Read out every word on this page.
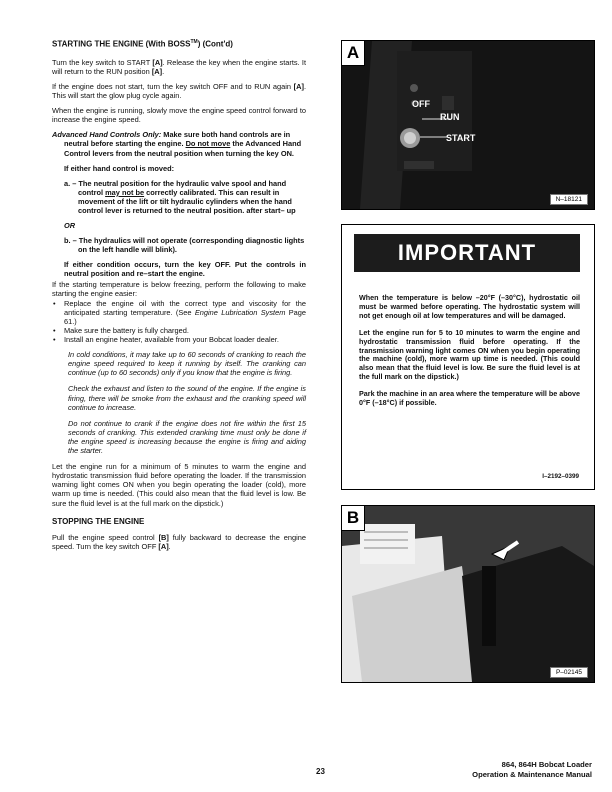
STARTING THE ENGINE (With BOSS™) (Cont'd)

Turn the key switch to START [A]. Release the key when the engine starts. It will return to the RUN position [A].

If the engine does not start, turn the key switch OFF and to RUN again [A]. This will start the glow plug cycle again.

When the engine is running, slowly move the engine speed control forward to increase the engine speed.

Advanced Hand Controls Only: Make sure both hand controls are in neutral before starting the engine. Do not move the Advanced Hand Control levers from the neutral position when turning the key ON.

If either hand control is moved:

a. – The neutral position for the hydraulic valve spool and hand control may not be correctly calibrated. This can result in movement of the lift or tilt hydraulic cylinders when the hand control lever is returned to the neutral position. after start– up

OR

b. – The hydraulics will not operate (corresponding diagnostic lights on the left handle will blink).

If either condition occurs, turn the key OFF. Put the controls in neutral position and re–start the engine.

If the starting temperature is below freezing, perform the following to make starting the engine easier:

• Replace the engine oil with the correct type and viscosity for the anticipated starting temperature. (See Engine Lubrication System Page 61.)
• Make sure the battery is fully charged.
• Install an engine heater, available from your Bobcat loader dealer.

In cold conditions, it may take up to 60 seconds of cranking to reach the engine speed required to keep it running by itself. The cranking can continue (up to 60 seconds) only if you know that the engine is firing.

Check the exhaust and listen to the sound of the engine. If the engine is firing, there will be smoke from the exhaust and the cranking speed will continue to increase.

Do not continue to crank if the engine does not fire within the first 15 seconds of cranking. This extended cranking time must only be done if the engine speed is increasing because the engine is firing and aiding the starter.

Let the engine run for a minimum of 5 minutes to warm the engine and hydrostatic transmission fluid before operating the loader. If the transmission warning light comes ON when you begin operating the loader (cold), more warm up time is needed. (This could also mean that the fluid level is low. Be sure the fluid level is at the full mark on the dipstick.)

STOPPING THE ENGINE

Pull the engine speed control [B] fully backward to decrease the engine speed. Turn the key switch OFF [A].

A
OFF
RUN
START
N–18121
IMPORTANT

When the temperature is below –20°F (–30°C), hydrostatic oil must be warmed before operating. The hydrostatic system will not get enough oil at low temperatures and will be damaged.

Let the engine run for 5 to 10 minutes to warm the engine and hydrostatic transmission fluid before operating. If the transmission warning light comes ON when you begin operating the machine (cold), more warm up time is needed. (This could also mean that the fluid level is low. Be sure the fluid level is at the full mark on the dipstick.)

Park the machine in an area where the temperature will be above 0°F (–18°C) if possible.

I–2192–0399
B
P–02145
23
864, 864H Bobcat Loader
Operation & Maintenance Manual
